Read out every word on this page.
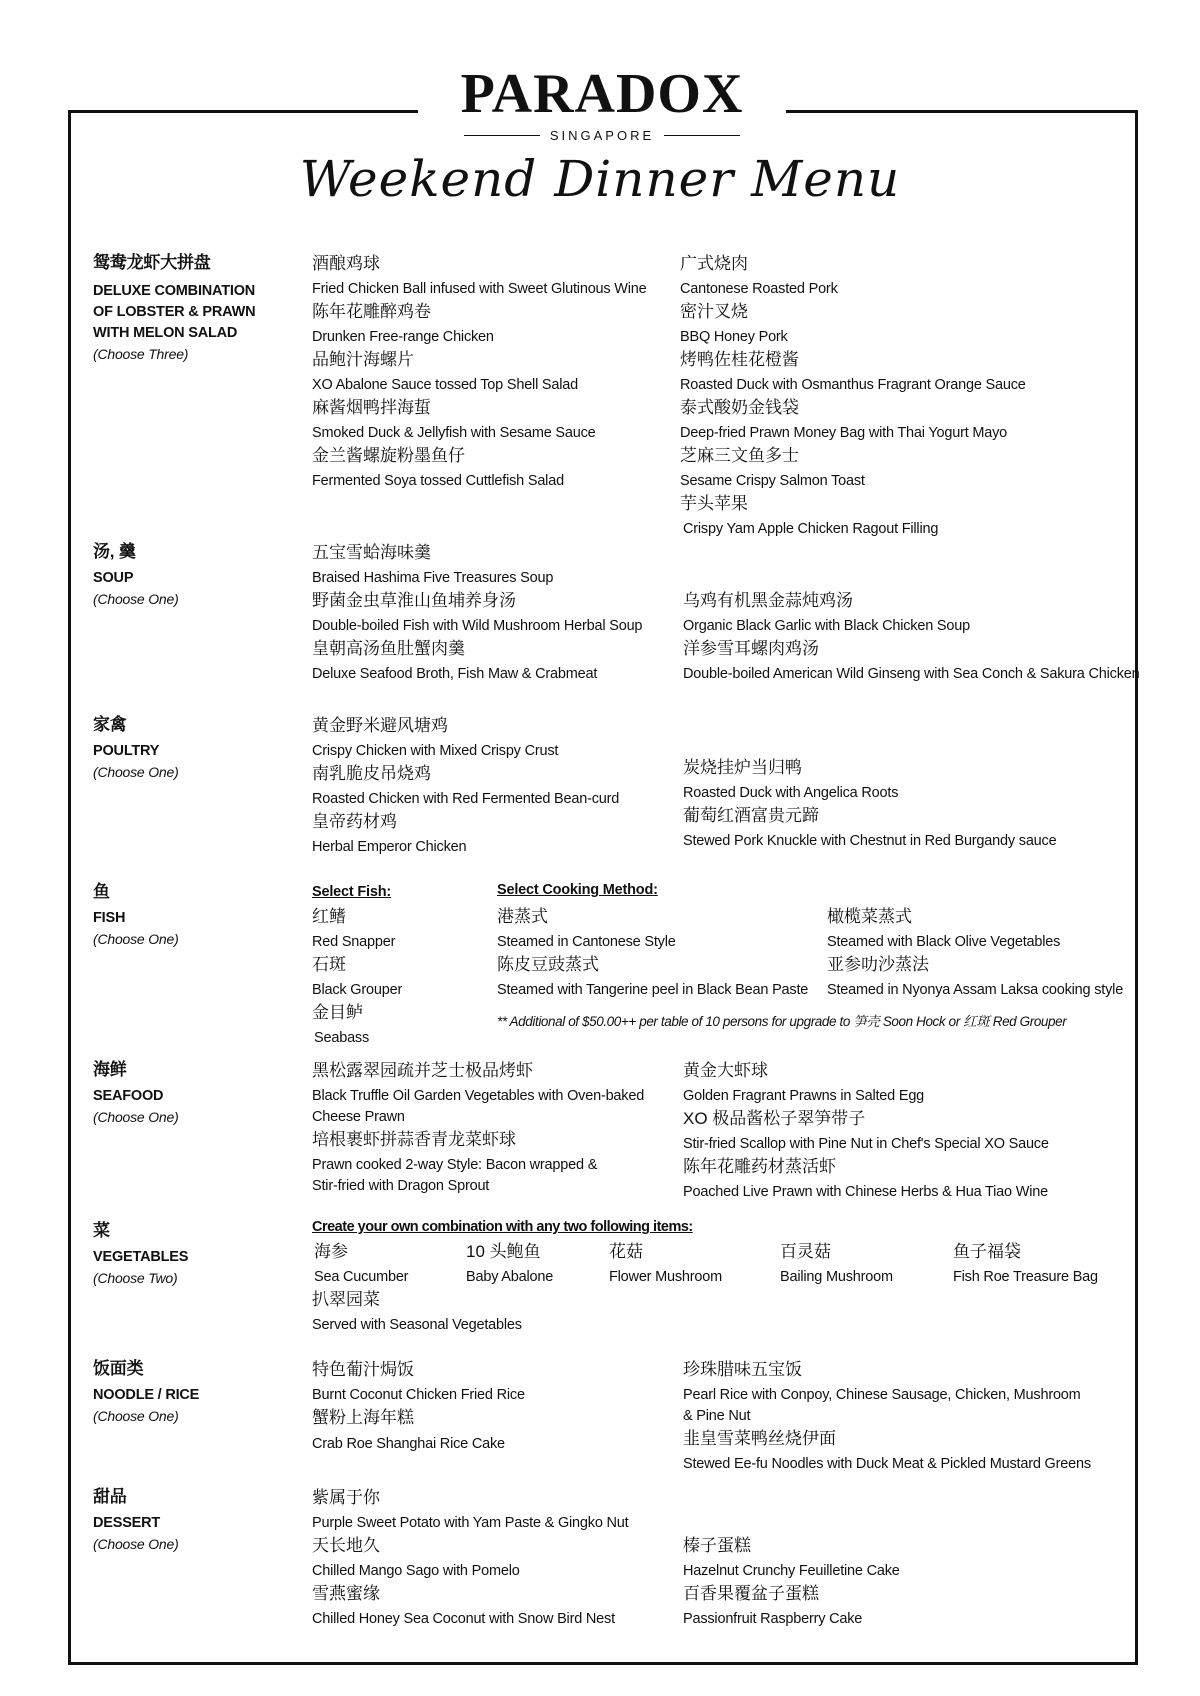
PARADOX
SINGAPORE
Weekend Dinner Menu
鸳鸯龙虾大拼盘
DELUXE COMBINATION
OF LOBSTER & PRAWN
WITH MELON SALAD
(Choose Three)
酒酿鸡球
Fried Chicken Ball infused with Sweet Glutinous Wine
陈年花雕醉鸡卷
Drunken Free-range Chicken
品鲍汁海螺片
XO Abalone Sauce tossed Top Shell Salad
麻酱烟鸭拌海蜇
Smoked Duck & Jellyfish with Sesame Sauce
金兰酱螺旋粉墨鱼仔
Fermented Soya tossed Cuttlefish Salad
广式烧肉
Cantonese Roasted Pork
密汁叉烧
BBQ Honey Pork
烤鸭佐桂花橙酱
Roasted Duck with Osmanthus Fragrant Orange Sauce
泰式酸奶金钱袋
Deep-fried Prawn Money Bag with Thai Yogurt Mayo
芝麻三文鱼多士
Sesame Crispy Salmon Toast
芋头苹果
Crispy Yam Apple Chicken Ragout Filling
汤, 羹
SOUP
(Choose One)
五宝雪蛤海味羹
Braised Hashima Five Treasures Soup
野菌金虫草淮山鱼埔养身汤
Double-boiled Fish with Wild Mushroom Herbal Soup
皇朝高汤鱼肚蟹肉羹
Deluxe Seafood Broth, Fish Maw & Crabmeat
乌鸡有机黑金蒜炖鸡汤
Organic Black Garlic with Black Chicken Soup
洋参雪耳螺肉鸡汤
Double-boiled American Wild Ginseng with Sea Conch & Sakura Chicken
家禽
POULTRY
(Choose One)
黄金野米避风塘鸡
Crispy Chicken with Mixed Crispy Crust
南乳脆皮吊烧鸡
Roasted Chicken with Red Fermented Bean-curd
皇帝药材鸡
Herbal Emperor Chicken
炭烧挂炉当归鸭
Roasted Duck with Angelica Roots
葡萄红酒富贵元蹄
Stewed Pork Knuckle with Chestnut in Red Burgandy sauce
鱼
FISH
(Choose One)
Select Fish:
红鳍
Red Snapper
石斑
Black Grouper
金目鲈
Seabass
Select Cooking Method:
港蒸式
Steamed in Cantonese Style
陈皮豆豉蒸式
Steamed with Tangerine peel in Black Bean Paste
橄榄菜蒸式
Steamed with Black Olive Vegetables
亚参叻沙蒸法
Steamed in Nyonya Assam Laksa cooking style
** Additional of $50.00++ per table of 10 persons for upgrade to 笋壳 Soon Hock or 红斑 Red Grouper
海鲜
SEAFOOD
(Choose One)
黑松露翠园疏并芝士极品烤虾
Black Truffle Oil Garden Vegetables with Oven-baked
Cheese Prawn
培根裹虾拼蒜香青龙菜虾球
Prawn cooked 2-way Style: Bacon wrapped &
Stir-fried with Dragon Sprout
黄金大虾球
Golden Fragrant Prawns in Salted Egg
XO 极品酱松子翠笋带子
Stir-fried Scallop with Pine Nut in Chef's Special XO Sauce
陈年花雕药材蒸活虾
Poached Live Prawn with Chinese Herbs & Hua Tiao Wine
菜
VEGETABLES
(Choose Two)
Create your own combination with any two following items:
海参
Sea Cucumber
10 头鲍鱼
Baby Abalone
花菇
Flower Mushroom
百灵菇
Bailing Mushroom
鱼子福袋
Fish Roe Treasure Bag
扒翠园菜
Served with Seasonal Vegetables
饭面类
NOODLE / RICE
(Choose One)
特色葡汁焗饭
Burnt Coconut Chicken Fried Rice
蟹粉上海年糕
Crab Roe Shanghai Rice Cake
珍珠腊味五宝饭
Pearl Rice with Conpoy, Chinese Sausage, Chicken, Mushroom
& Pine Nut
韭皇雪菜鸭丝烧伊面
Stewed Ee-fu Noodles with Duck Meat & Pickled Mustard Greens
甜品
DESSERT
(Choose One)
紫属于你
Purple Sweet Potato with Yam Paste & Gingko Nut
天长地久
Chilled Mango Sago with Pomelo
雪燕蜜缘
Chilled Honey Sea Coconut with Snow Bird Nest
榛子蛋糕
Hazelnut Crunchy Feuilletine Cake
百香果覆盆子蛋糕
Passionfruit Raspberry Cake
